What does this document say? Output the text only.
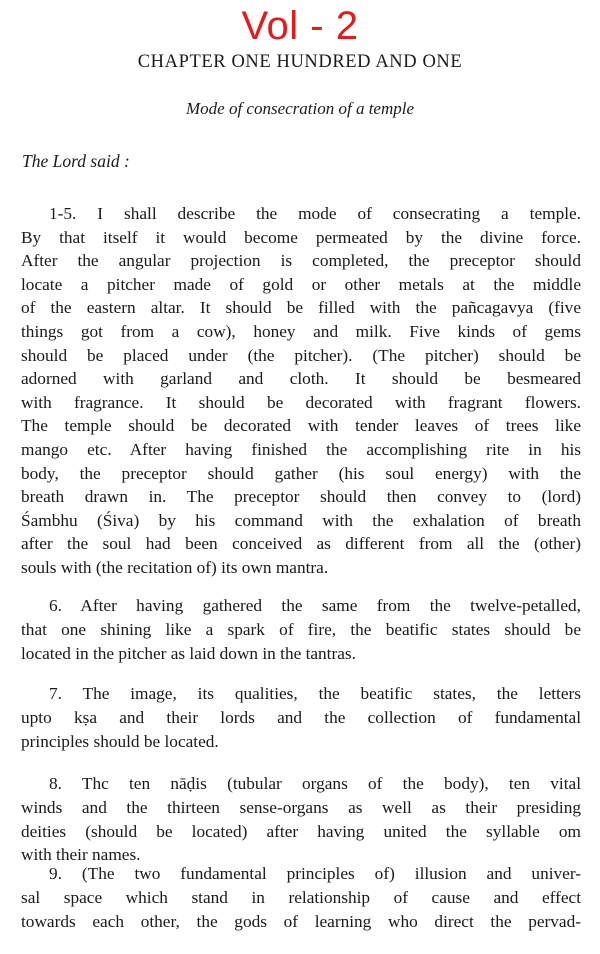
Vol - 2
CHAPTER ONE HUNDRED AND ONE
Mode of consecration of a temple
The Lord said :
1-5. I shall describe the mode of consecrating a temple.
By that itself it would become permeated by the divine force.
After the angular projection is completed, the preceptor should
locate a pitcher made of gold or other metals at the middle
of the eastern altar. It should be filled with the pañcagavya (five
things got from a cow), honey and milk. Five kinds of gems
should be placed under (the pitcher). (The pitcher) should be
adorned with garland and cloth. It should be besmeared
with fragrance. It should be decorated with fragrant flowers.
The temple should be decorated with tender leaves of trees like
mango etc. After having finished the accomplishing rite in his
body, the preceptor should gather (his soul energy) with the
breath drawn in. The preceptor should then convey to (lord)
Śambhu (Śiva) by his command with the exhalation of breath
after the soul had been conceived as different from all the (other)
souls with (the recitation of) its own mantra.
6. After having gathered the same from the twelve-petalled,
that one shining like a spark of fire, the beatific states should be
located in the pitcher as laid down in the tantras.
7. The image, its qualities, the beatific states, the letters
upto kṣa and their lords and the collection of fundamental
principles should be located.
8. Thc ten nāḍis (tubular organs of the body), ten vital
winds and the thirteen sense-organs as well as their presiding
deities (should be located) after having united the syllable om
with their names.
9. (The two fundamental principles of) illusion and univer-
sal space which stand in relationship of cause and effect
towards each other, the gods of learning who direct the pervad-
